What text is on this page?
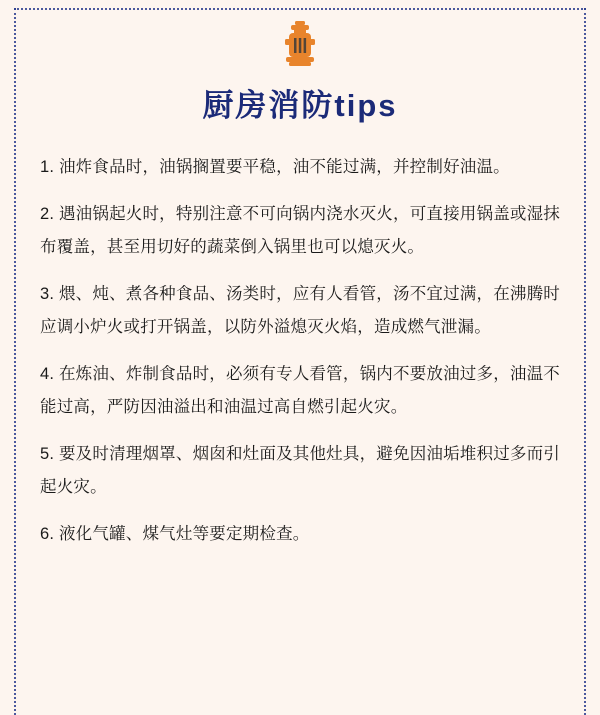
厨房消防tips

1. 油炸食品时，油锅搁置要平稳，油不能过满，并控制好油温。

2. 遇油锅起火时，特别注意不可向锅内浇水灭火，可直接用锅盖或湿抹布覆盖，甚至用切好的蔬菜倒入锅里也可以熄灭火。

3. 煨、炖、煮各种食品、汤类时，应有人看管，汤不宜过满，在沸腾时应调小炉火或打开锅盖，以防外溢熄灭火焰，造成燃气泄漏。

4. 在炼油、炸制食品时，必须有专人看管，锅内不要放油过多，油温不能过高，严防因油溢出和油温过高自燃引起火灾。

5. 要及时清理烟罩、烟囱和灶面及其他灶具，避免因油垢堆积过多而引起火灾。

6. 液化气罐、煤气灶等要定期检查。
